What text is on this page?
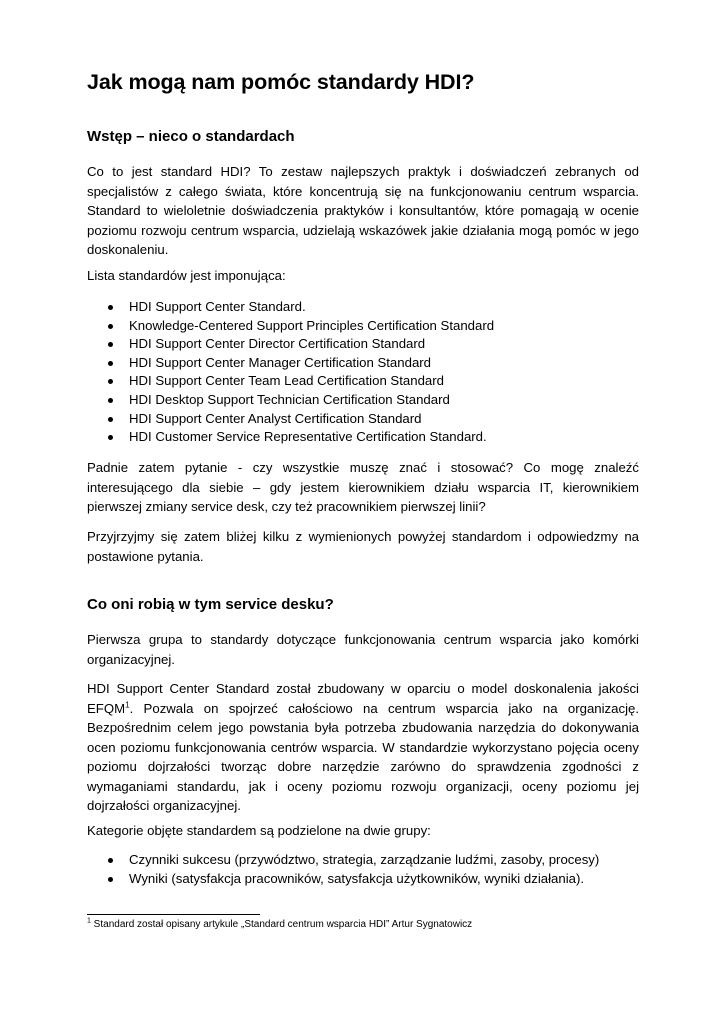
Jak mogą nam pomóc standardy HDI?
Wstęp – nieco o standardach

Co to jest standard HDI? To zestaw najlepszych praktyk i doświadczeń zebranych od specjalistów z całego świata, które koncentrują się na funkcjonowaniu centrum wsparcia. Standard to wieloletnie doświadczenia praktyków i konsultantów, które pomagają w ocenie poziomu rozwoju centrum wsparcia, udzielają wskazówek jakie działania mogą pomóc w jego doskonaleniu.

Lista standardów jest imponująca:

HDI Support Center Standard.
Knowledge-Centered Support Principles Certification Standard
HDI Support Center Director Certification Standard
HDI Support Center Manager Certification Standard
HDI Support Center Team Lead Certification Standard
HDI Desktop Support Technician Certification Standard
HDI Support Center Analyst Certification Standard
HDI Customer Service Representative Certification Standard.

Padnie zatem pytanie - czy wszystkie muszę znać i stosować? Co mogę znaleźć interesującego dla siebie – gdy jestem kierownikiem działu wsparcia IT, kierownikiem pierwszej zmiany service desk, czy też pracownikiem pierwszej linii?

Przyjrzyjmy się zatem bliżej kilku z wymienionych powyżej standardom i odpowiedzmy na postawione pytania.

Co oni robią w tym service desku?

Pierwsza grupa to standardy dotyczące funkcjonowania centrum wsparcia jako komórki organizacyjnej.

HDI Support Center Standard został zbudowany w oparciu o model doskonalenia jakości EFQM$^1$. Pozwala on spojrzeć całościowo na centrum wsparcia jako na organizację. Bezpośrednim celem jego powstania była potrzeba zbudowania narzędzia do dokonywania ocen poziomu funkcjonowania centrów wsparcia. W standardzie wykorzystano pojęcia oceny poziomu dojrzałości tworząc dobre narzędzie zarówno do sprawdzenia zgodności z wymaganiami standardu, jak i oceny poziomu rozwoju organizacji, oceny poziomu jej dojrzałości organizacyjnej.

Kategorie objęte standardem są podzielone na dwie grupy:

Czynniki sukcesu (przywództwo, strategia, zarządzanie ludźmi, zasoby, procesy)
Wyniki (satysfakcja pracowników, satysfakcja użytkowników, wyniki działania).
$^1$ Standard został opisany artykule „Standard centrum wsparcia HDI” Artur Sygnatowicz
